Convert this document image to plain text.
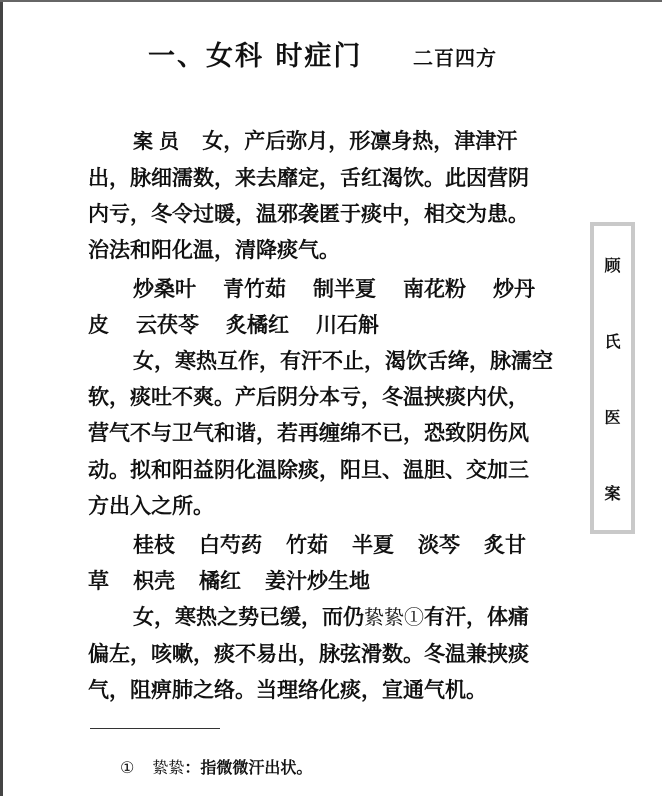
一、女科 时症门	二百四方
案员 女，产后弥月，形凛身热，津津汗
出，脉细濡数，来去靡定，舌红渴饮。此因营阴
内亏，冬令过暖，温邪袭匿于痰中，相交为患。
治法和阳化温，清降痰气。
炒桑叶 青竹茹 制半夏 南花粉 炒丹
皮 云茯苓 炙橘红 川石斛
女，寒热互作，有汗不止，渴饮舌绛，脉濡空
软，痰吐不爽。产后阴分本亏，冬温挟痰内伏，
营气不与卫气和谐，若再缠绵不已，恐致阴伤风
动。拟和阳益阴化温除痰，阳旦、温胆、交加三
方出入之所。
桂枝 白芍药 竹茹 半夏 淡芩 炙甘
草 枳壳 橘红 姜汁炒生地
女，寒热之势已缓，而仍絷絷①有汗，体痛
偏左，咳嗽，痰不易出，脉弦滑数。冬温兼挟痰
气，阻痹肺之络。当理络化痰，宣通气机。
顾
氏
医
案
① 絷絷：指微微汗出状。
